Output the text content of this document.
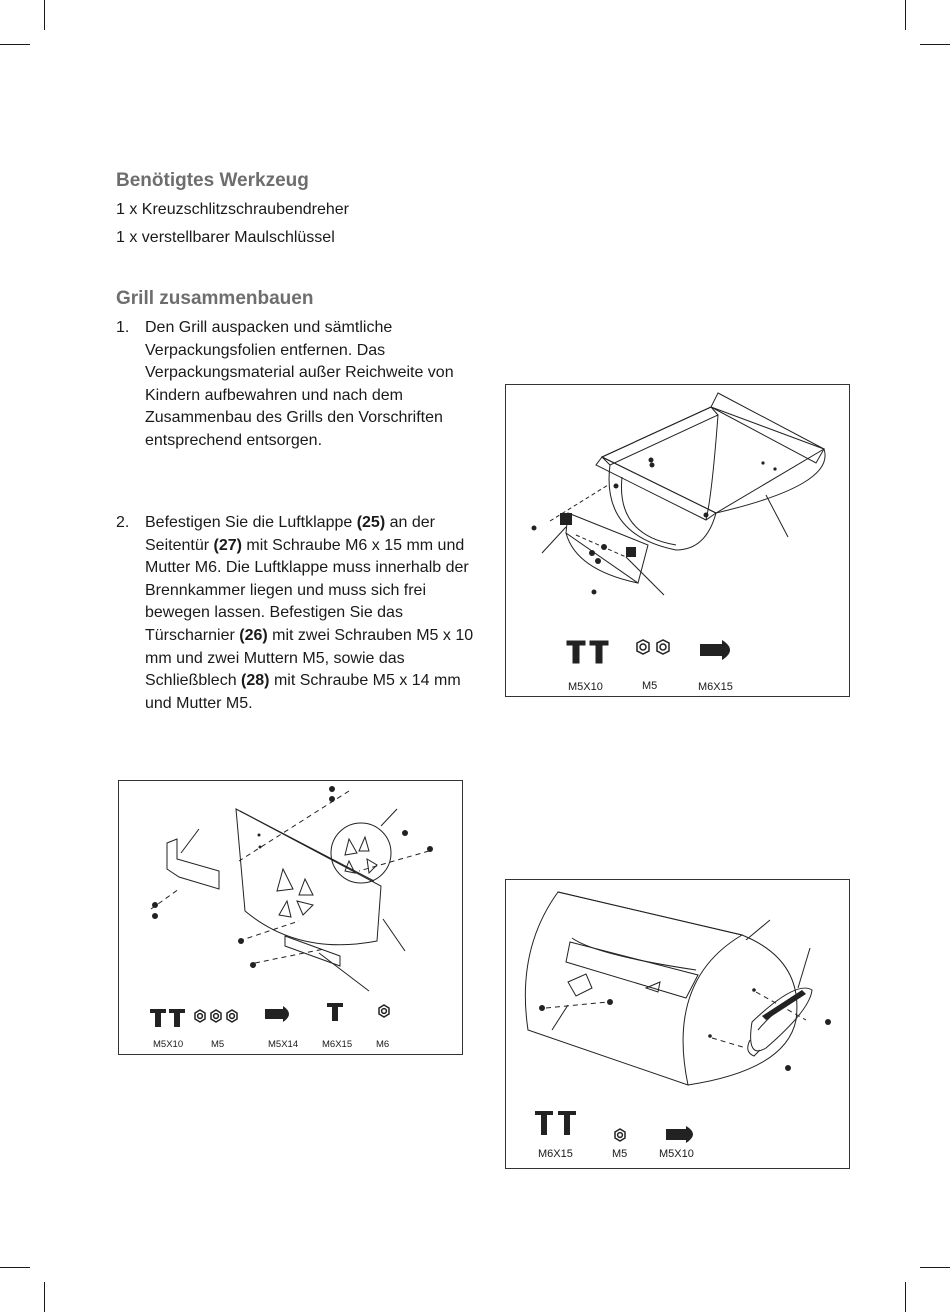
Benötigtes Werkzeug
1 x Kreuzschlitzschraubendreher
1 x verstellbarer Maulschlüssel
Grill zusammenbauen
1. Den Grill auspacken und sämtliche Verpackungsfolien entfernen. Das Verpackungsmaterial außer Reichweite von Kindern aufbewahren und nach dem Zusammenbau des Grills den Vorschriften entsprechend entsorgen.
2. Befestigen Sie die Luftklappe (25) an der Seitentür (27) mit Schraube M6 x 15 mm und Mutter M6. Die Luftklappe muss innerhalb der Brennkammer liegen und muss sich frei bewegen lassen. Befestigen Sie das Türscharnier (26) mit zwei Schrauben M5 x 10 mm und zwei Muttern M5, sowie das Schließblech (28) mit Schraube M5 x 14 mm und Mutter M5.
M5X10	M5	M6X15
M5X10	M5	M5X14	M6X15	M6
M6X15	M5	M5X10
